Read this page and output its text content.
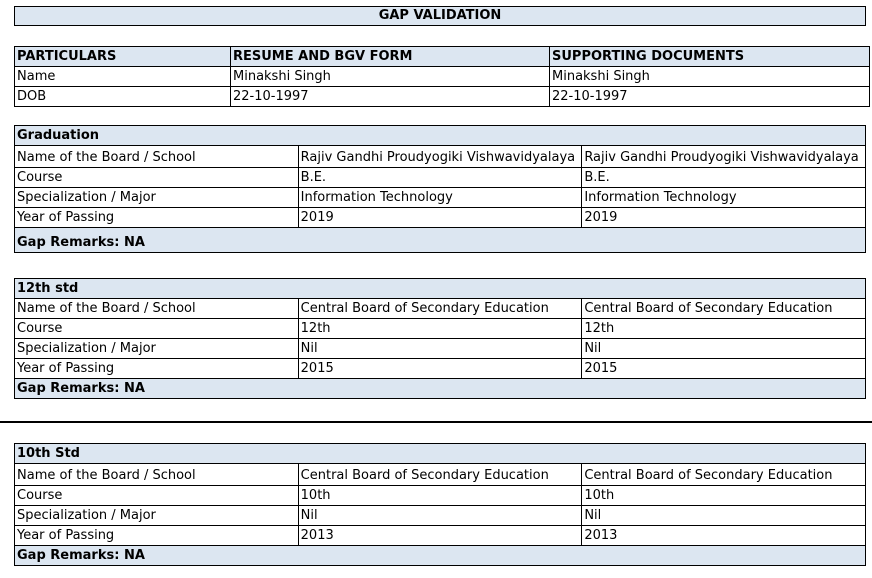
GAP VALIDATION
PARTICULARS	RESUME AND BGV FORM	SUPPORTING DOCUMENTS
Name	Minakshi Singh	Minakshi Singh
DOB	22-10-1997	22-10-1997
Graduation		
Name of the Board / School	Rajiv Gandhi Proudyogiki Vishwavidyalaya	Rajiv Gandhi Proudyogiki Vishwavidyalaya
Course	B.E.	B.E.
Specialization / Major	Information Technology	Information Technology
Year of Passing	2019	2019
Gap Remarks: NA		
12th std		
Name of the Board / School	Central Board of Secondary Education	Central Board of Secondary Education
Course	12th	12th
Specialization / Major	Nil	Nil
Year of Passing	2015	2015
Gap Remarks: NA		
10th Std		
Name of the Board / School	Central Board of Secondary Education	Central Board of Secondary Education
Course	10th	10th
Specialization / Major	Nil	Nil
Year of Passing	2013	2013
Gap Remarks: NA		
